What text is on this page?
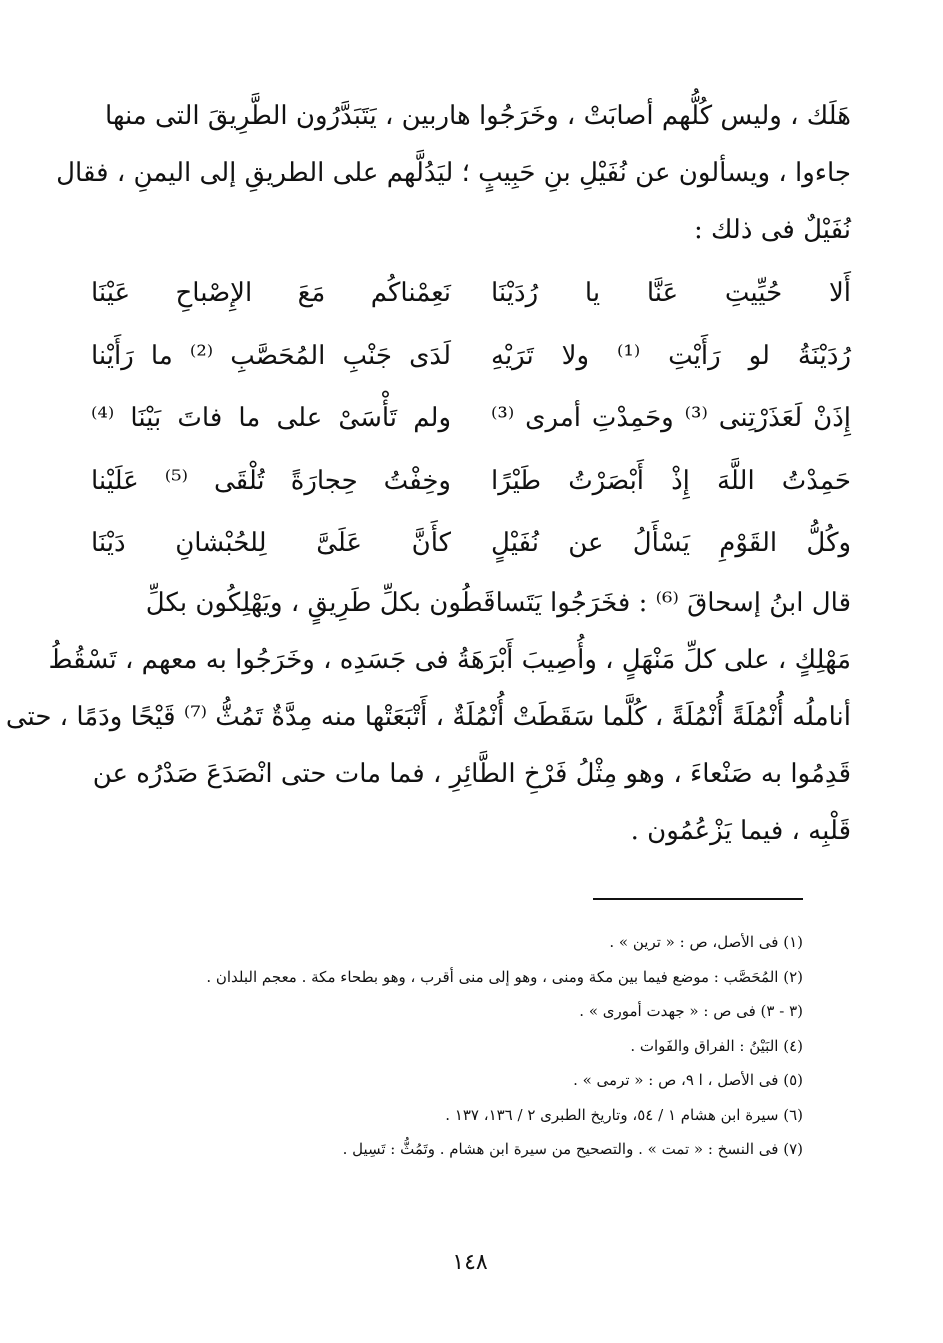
هَلَك ، وليس كُلُّهم أصابَتْ ، وخَرَجُوا هاربين ، يَتَبَدَّرُون الطَّرِيقَ التى منها
جاءوا ، ويسألون عن نُفَيْلِ بنِ حَبِيبٍ ؛ ليَدُلَّهم على الطريقِ إلى اليمنِ ، فقال
نُفَيْلٌ فى ذلك :
أَلا حُيِّيتِ عَنَّا يا رُدَيْنَا
نَعِمْناكُم مَعَ الإِصْباحِ عَيْنَا
رُدَيْنَةُ لو رَأَيْتِ ⁽¹⁾ ولا تَرَيْهِ
لَدَى جَنْبِ المُحَصَّبِ ⁽²⁾ ما رَأَيْنا
إِذَنْ لَعَذَرْتِنى ⁽³⁾ وحَمِدْتِ أمرى ⁽³⁾
ولم تَأْسَىْ على ما فاتَ بَيْنَا ⁽⁴⁾
حَمِدْتُ اللَّهَ إِذْ أَبْصَرْتُ طَيْرًا
وخِفْتُ حِجارَةً تُلْقَى ⁽⁵⁾ عَلَيْنا
وكُلُّ القَوْمِ يَسْأَلُ عن نُفَيْلٍ
كأَنَّ عَلَىَّ لِلحُبْشانِ دَيْنَا
قال ابنُ إسحاقَ ⁽⁶⁾ : فخَرَجُوا يَتَساقَطُون بكلِّ طَرِيقٍ ، ويَهْلِكُون بكلِّ
مَهْلِكٍ ، على كلِّ مَنْهَلٍ ، وأُصِيبَ أَبْرَهَةُ فى جَسَدِه ، وخَرَجُوا به معهم ، تَسْقُطُ
أناملُه أُنْمُلَةً أُنْمُلَةً ، كُلَّما سَقَطَتْ أُنْمُلَةٌ ، أَتْبَعَتْها منه مِدَّةٌ تَمُثُّ ⁽⁷⁾ قَيْحًا ودَمًا ، حتى
قَدِمُوا به صَنْعاءَ ، وهو مِثْلُ فَرْخِ الطَّائِرِ ، فما مات حتى انْصَدَعَ صَدْرُه عن
قَلْبِه ، فيما يَزْعُمُون .
(١) فى الأصل، ص : « ترين » .
(٢) المُحَصَّب : موضع فيما بين مكة ومنى ، وهو إلى منى أقرب ، وهو بطحاء مكة . معجم البلدان .
(٣ - ٣) فى ص : « جهدت أمورى » .
(٤) البَيْنُ : الفراق والفَوات .
(٥) فى الأصل ، ا ٩، ص : « ترمى » .
(٦) سيرة ابن هشام ١ / ٥٤، وتاريخ الطبرى ٢ / ١٣٦، ١٣٧ .
(٧) فى النسخ : « تمت » . والتصحيح من سيرة ابن هشام . وتَمُثُّ : تَسِيل .
١٤٨
